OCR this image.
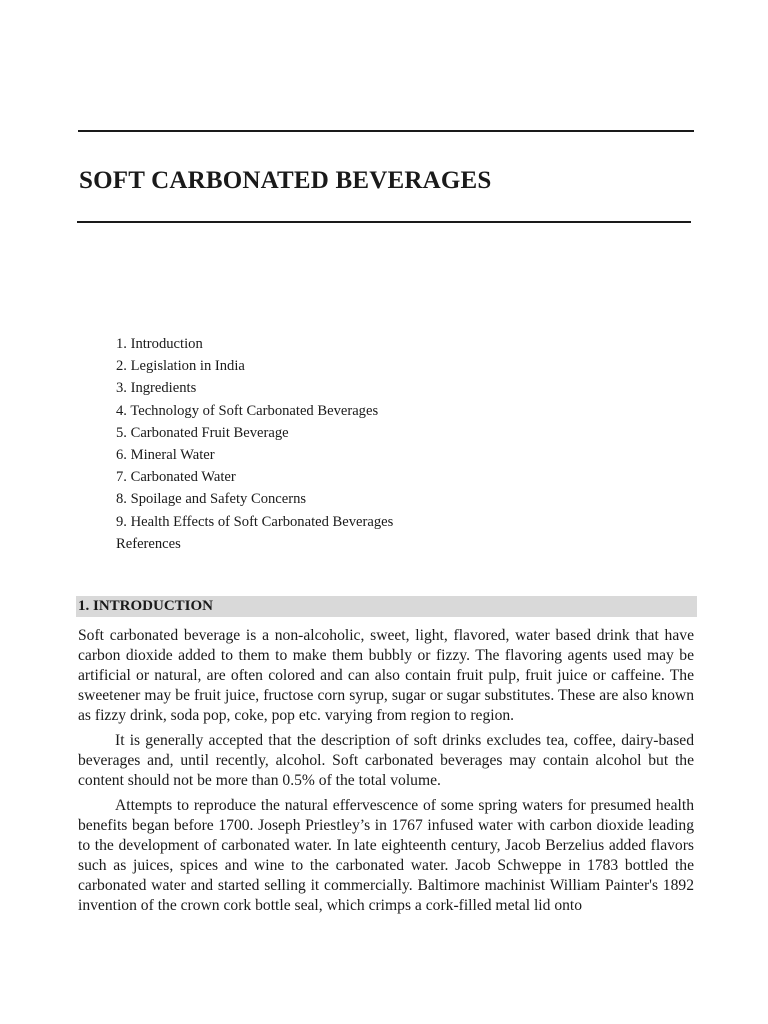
SOFT CARBONATED BEVERAGES
1. Introduction
2. Legislation in India
3. Ingredients
4. Technology of Soft Carbonated Beverages
5. Carbonated Fruit Beverage
6. Mineral Water
7. Carbonated Water
8. Spoilage and Safety Concerns
9. Health Effects of Soft Carbonated Beverages
References
1. INTRODUCTION

Soft carbonated beverage is a non-alcoholic, sweet, light, flavored, water based drink that have carbon dioxide added to them to make them bubbly or fizzy. The flavoring agents used may be artificial or natural, are often colored and can also contain fruit pulp, fruit juice or caffeine. The sweetener may be fruit juice, fructose corn syrup, sugar or sugar substitutes. These are also known as fizzy drink, soda pop, coke, pop etc. varying from region to region.

It is generally accepted that the description of soft drinks excludes tea, coffee, dairy-based beverages and, until recently, alcohol. Soft carbonated beverages may contain alcohol but the content should not be more than 0.5% of the total volume.

Attempts to reproduce the natural effervescence of some spring waters for presumed health benefits began before 1700. Joseph Priestley’s in 1767 infused water with carbon dioxide leading to the development of carbonated water. In late eighteenth century, Jacob Berzelius added flavors such as juices, spices and wine to the carbonated water. Jacob Schweppe in 1783 bottled the carbonated water and started selling it commercially. Baltimore machinist William Painter's 1892 invention of the crown cork bottle seal, which crimps a cork-filled metal lid onto
